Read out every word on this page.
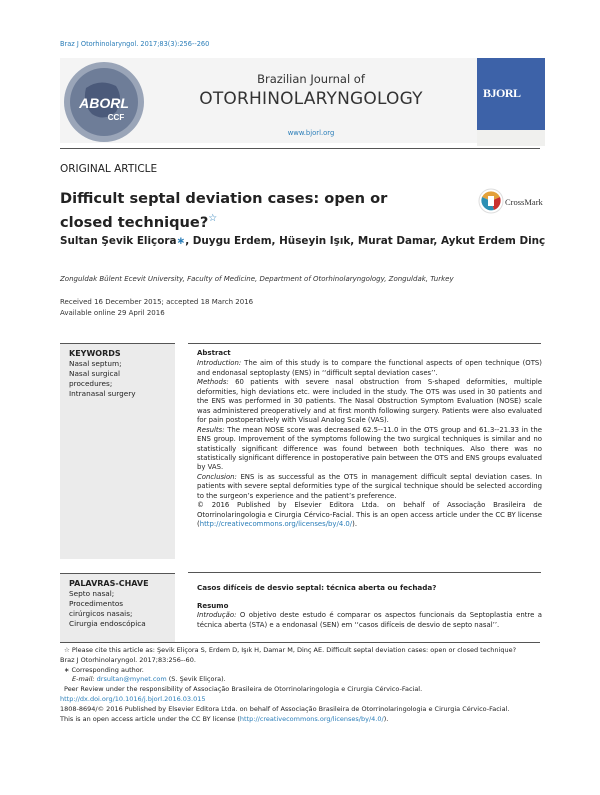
Braz J Otorhinolaryngol. 2017;83(3):256--260
ABORL
CCF
Brazilian Journal of
OTORHINOLARYNGOLOGY
www.bjorl.org
BJORL
ORIGINAL ARTICLE
Difficult septal deviation cases: open or closed technique?☆
CrossMark
Sultan Şevik Eliçora∗, Duygu Erdem, Hüseyin Işık, Murat Damar, Aykut Erdem Dinç
Zonguldak Bülent Ecevit University, Faculty of Medicine, Department of Otorhinolaryngology, Zonguldak, Turkey
Received 16 December 2015; accepted 18 March 2016
Available online 29 April 2016
KEYWORDS
Nasal septum;
Nasal surgical
procedures;
Intranasal surgery

Abstract

Introduction: The aim of this study is to compare the functional aspects of open technique (OTS) and endonasal septoplasty (ENS) in ‘‘difficult septal deviation cases’’.

Methods: 60 patients with severe nasal obstruction from S-shaped deformities, multiple deformities, high deviations etc. were included in the study. The OTS was used in 30 patients and the ENS was performed in 30 patients. The Nasal Obstruction Symptom Evaluation (NOSE) scale was administered preoperatively and at first month following surgery. Patients were also evaluated for pain postoperatively with Visual Analog Scale (VAS).

Results: The mean NOSE score was decreased 62.5--11.0 in the OTS group and 61.3--21.33 in the ENS group. Improvement of the symptoms following the two surgical techniques is similar and no statistically significant difference was found between both techniques. Also there was no statistically significant difference in postoperative pain between the OTS and ENS groups evaluated by VAS.

Conclusion: ENS is as successful as the OTS in management difficult septal deviation cases. In patients with severe septal deformities type of the surgical technique should be selected according to the surgeon’s experience and the patient’s preference.

© 2016 Published by Elsevier Editora Ltda. on behalf of Associação Brasileira de Otorrinolaringologia e Cirurgia Cérvico-Facial. This is an open access article under the CC BY license (http://creativecommons.org/licenses/by/4.0/).

PALAVRAS-CHAVE
Septo nasal;
Procedimentos
cirúrgicos nasais;
Cirurgia endoscópica

Casos difíceis de desvio septal: técnica aberta ou fechada?

Resumo

Introdução: O objetivo deste estudo é comparar os aspectos funcionais da Septoplastia entre a técnica aberta (STA) e a endonasal (SEN) em ‘‘casos difíceis de desvio de septo nasal’’.

☆ Please cite this article as: Şevik Eliçora S, Erdem D, Işık H, Damar M, Dinç AE. Difficult septal deviation cases: open or closed technique?

Braz J Otorhinolaryngol. 2017;83:256--60.

∗ Corresponding author.

E-mail: drsultan@mynet.com (S. Şevik Eliçora).

Peer Review under the responsibility of Associação Brasileira de Otorrinolaringologia e Cirurgia Cérvico-Facial.

http://dx.doi.org/10.1016/j.bjorl.2016.03.015

1808-8694/© 2016 Published by Elsevier Editora Ltda. on behalf of Associação Brasileira de Otorrinolaringologia e Cirurgia Cérvico-Facial.

This is an open access article under the CC BY license (http://creativecommons.org/licenses/by/4.0/).
